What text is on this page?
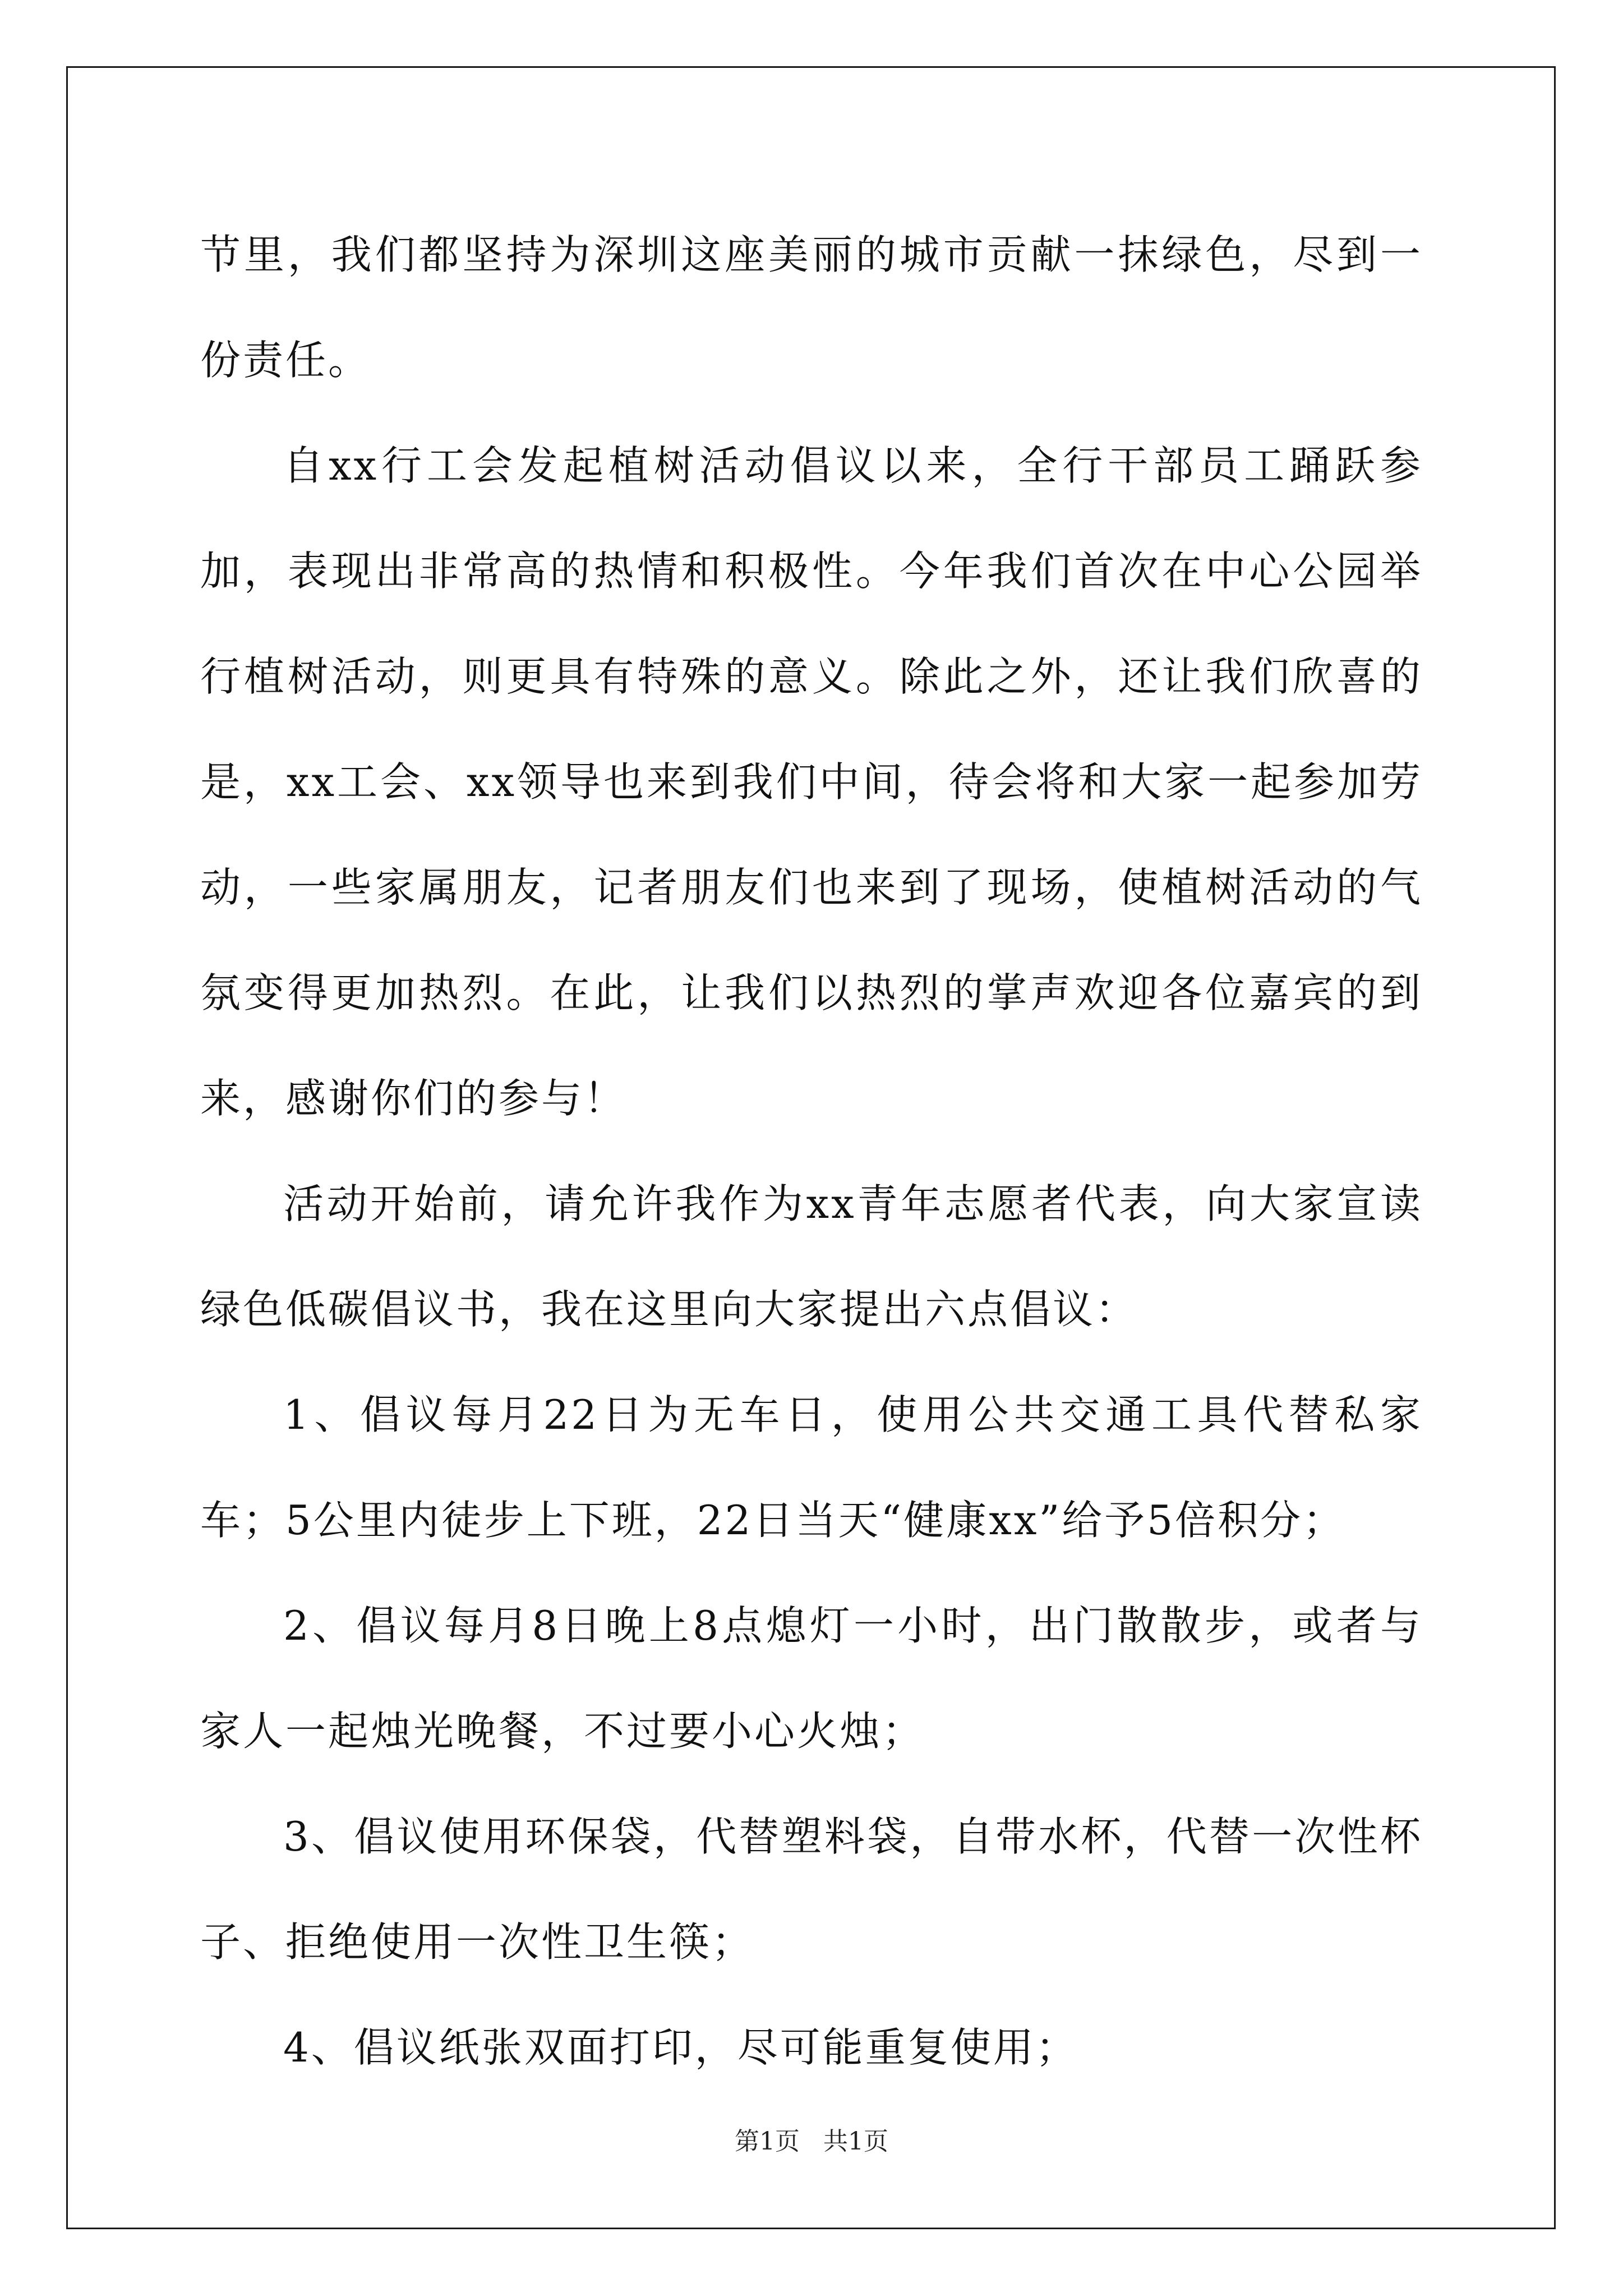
节里，我们都坚持为深圳这座美丽的城市贡献一抹绿色，尽到一份责任。

自xx行工会发起植树活动倡议以来，全行干部员工踊跃参加，表现出非常高的热情和积极性。今年我们首次在中心公园举行植树活动，则更具有特殊的意义。除此之外，还让我们欣喜的是，xx工会、xx领导也来到我们中间，待会将和大家一起参加劳动，一些家属朋友，记者朋友们也来到了现场，使植树活动的气氛变得更加热烈。在此，让我们以热烈的掌声欢迎各位嘉宾的到来，感谢你们的参与！

活动开始前，请允许我作为xx青年志愿者代表，向大家宣读绿色低碳倡议书，我在这里向大家提出六点倡议：

1、倡议每月22日为无车日，使用公共交通工具代替私家车；5公里内徒步上下班，22日当天“健康xx”给予5倍积分；

2、倡议每月8日晚上8点熄灯一小时，出门散散步，或者与家人一起烛光晚餐，不过要小心火烛；

3、倡议使用环保袋，代替塑料袋，自带水杯，代替一次性杯子、拒绝使用一次性卫生筷；

4、倡议纸张双面打印，尽可能重复使用；

第1页 共1页
